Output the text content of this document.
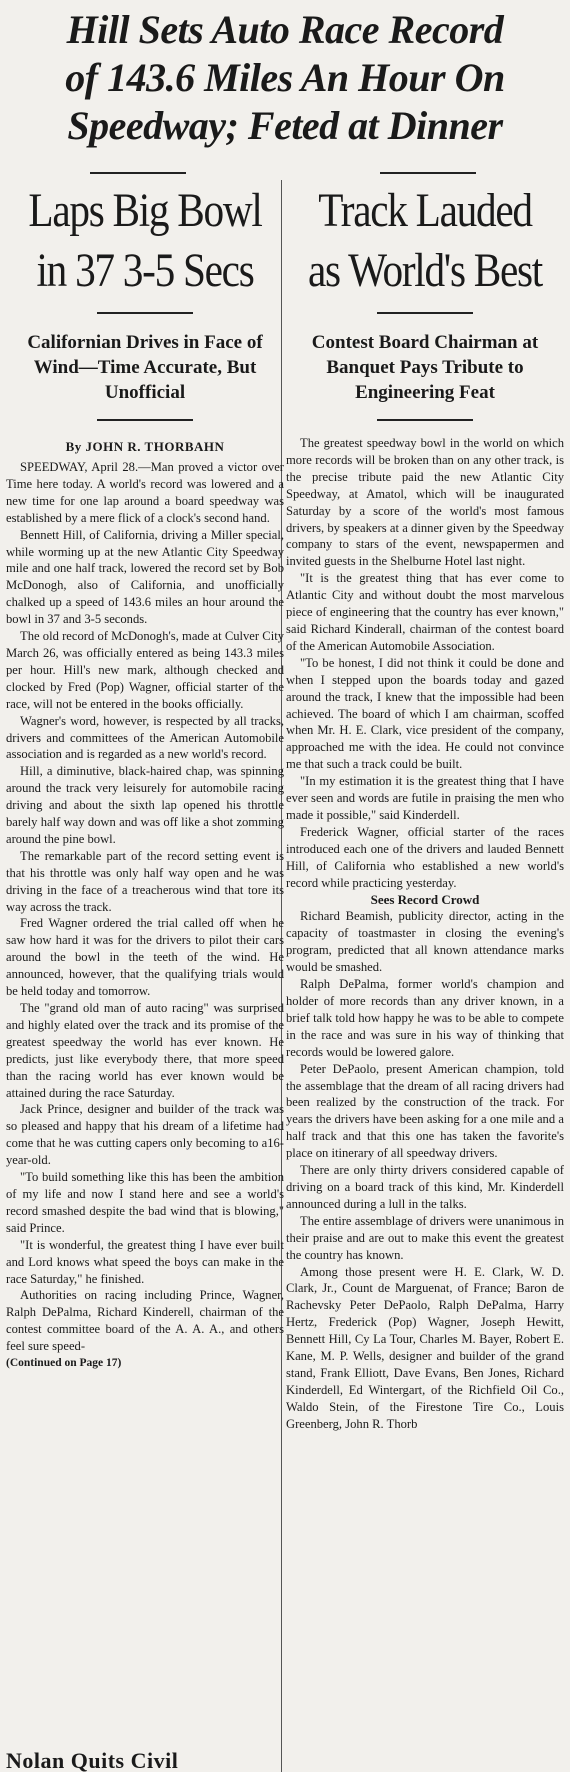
Hill Sets Auto Race Record
of 143.6 Miles An Hour On
Speedway; Feted at Dinner
Laps Big Bowl
in 37 3-5 Secs
Californian Drives in Face of Wind—Time Accurate, But Unofficial
By JOHN R. THORBAHN

SPEEDWAY, April 28.—Man proved a victor over Time here today. A world's record was lowered and a new time for one lap around a board speedway was established by a mere flick of a clock's second hand.

Bennett Hill, of California, driving a Miller special, while worming up at the new Atlantic City Speedway mile and one half track, lowered the record set by Bob McDonogh, also of California, and unofficially chalked up a speed of 143.6 miles an hour around the bowl in 37 and 3-5 seconds.

The old record of McDonogh's, made at Culver City March 26, was officially entered as being 143.3 miles per hour. Hill's new mark, although checked and clocked by Fred (Pop) Wagner, official starter of the race, will not be entered in the books officially.

Wagner's word, however, is respected by all tracks, drivers and committees of the American Automobile association and is regarded as a new world's record.

Hill, a diminutive, black-haired chap, was spinning around the track very leisurely for automobile racing driving and about the sixth lap opened his throttle barely half way down and was off like a shot zomming around the pine bowl.

The remarkable part of the record setting event is that his throttle was only half way open and he was driving in the face of a treacherous wind that tore its way across the track.

Fred Wagner ordered the trial called off when he saw how hard it was for the drivers to pilot their cars around the bowl in the teeth of the wind. He announced, however, that the qualifying trials would be held today and tomorrow.

The "grand old man of auto racing" was surprised and highly elated over the track and its promise of the greatest speedway the world has ever known. He predicts, just like everybody there, that more speed than the racing world has ever known would be attained during the race Saturday.

Jack Prince, designer and builder of the track was so pleased and happy that his dream of a lifetime had come that he was cutting capers only becoming to a16-year-old.

"To build something like this has been the ambition of my life and now I stand here and see a world's record smashed despite the bad wind that is blowing," said Prince.

"It is wonderful, the greatest thing I have ever built and Lord knows what speed the boys can make in the race Saturday," he finished.

Authorities on racing including Prince, Wagner, Ralph DePalma, Richard Kinderell, chairman of the contest committee board of the A. A. A., and others feel sure speed-

(Continued on Page 17)
Track Lauded
as World's Best
Contest Board Chairman at Banquet Pays Tribute to Engineering Feat

The greatest speedway bowl in the world on which more records will be broken than on any other track, is the precise tribute paid the new Atlantic City Speedway, at Amatol, which will be inaugurated Saturday by a score of the world's most famous drivers, by speakers at a dinner given by the Speedway company to stars of the event, newspapermen and invited guests in the Shelburne Hotel last night.

"It is the greatest thing that has ever come to Atlantic City and without doubt the most marvelous piece of engineering that the country has ever known," said Richard Kinderall, chairman of the contest board of the American Automobile Association.

"To be honest, I did not think it could be done and when I stepped upon the boards today and gazed around the track, I knew that the impossible had been achieved. The board of which I am chairman, scoffed when Mr. H. E. Clark, vice president of the company, approached me with the idea. He could not convince me that such a track could be built.

"In my estimation it is the greatest thing that I have ever seen and words are futile in praising the men who made it possible," said Kinderdell.

Frederick Wagner, official starter of the races introduced each one of the drivers and lauded Bennett Hill, of California who established a new world's record while practicing yesterday.

Sees Record Crowd

Richard Beamish, publicity director, acting in the capacity of toastmaster in closing the evening's program, predicted that all known attendance marks would be smashed.

Ralph DePalma, former world's champion and holder of more records than any driver known, in a brief talk told how happy he was to be able to compete in the race and was sure in his way of thinking that records would be lowered galore.

Peter DePaolo, present American champion, told the assemblage that the dream of all racing drivers had been realized by the construction of the track. For years the drivers have been asking for a one mile and a half track and that this one has taken the favorite's place on itinerary of all speedway drivers.

There are only thirty drivers considered capable of driving on a board track of this kind, Mr. Kinderdell announced during a lull in the talks.

The entire assemblage of drivers were unanimous in their praise and are out to make this event the greatest the country has known.

Among those present were H. E. Clark, W. D. Clark, Jr., Count de Marguenat, of France; Baron de Rachevsky Peter DePaolo, Ralph DePalma, Harry Hertz, Frederick (Pop) Wagner, Joseph Hewitt, Bennett Hill, Cy La Tour, Charles M. Bayer, Robert E. Kane, M. P. Wells, designer and builder of the grand stand, Frank Elliott, Dave Evans, Ben Jones, Richard Kinderdell, Ed Wintergart, of the Richfield Oil Co., Waldo Stein, of the Firestone Tire Co., Louis Greenberg, John R. Thorb

Nolan Quits Civil
